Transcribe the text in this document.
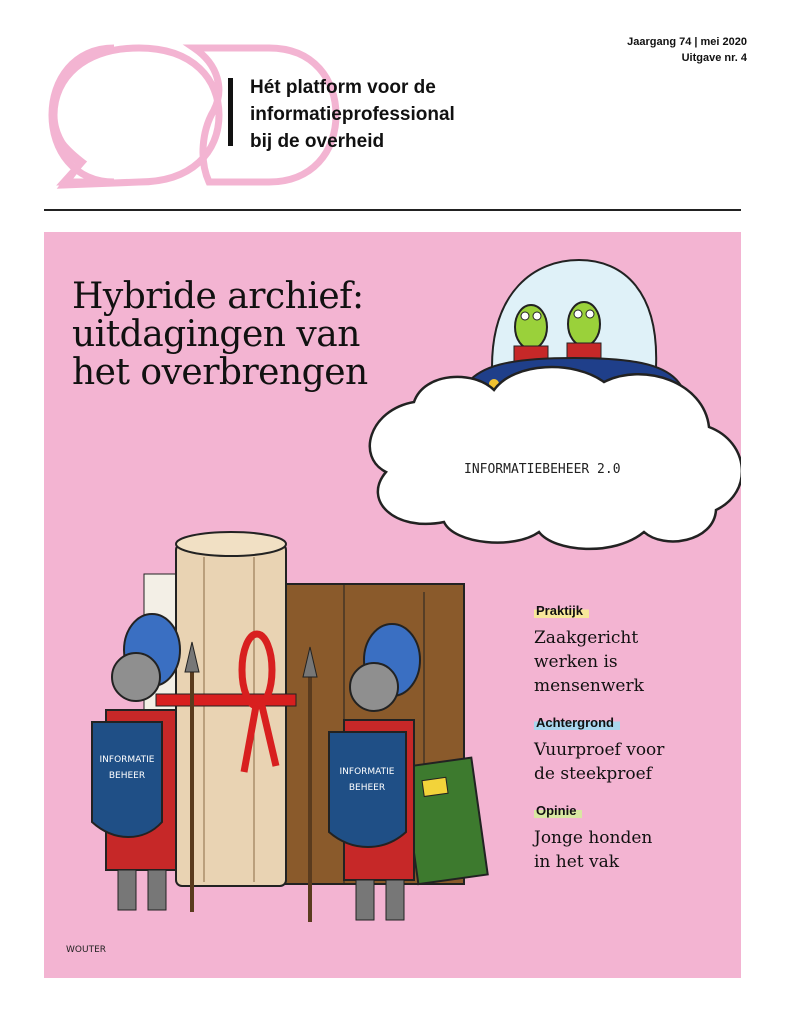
Hét platform voor de
informatieprofessional
bij de overheid
Jaargang 74 | mei 2020
Uitgave nr. 4
Hybride archief:
uitdagingen van
het overbrengen
INFORMATIEBEHEER 2.0
INFORMATIE
BEHEER	INFORMATIE
BEHEER
WOUTER
Praktijk
Zaakgericht
werken is
mensenwerk
Achtergrond
Vuurproef voor
de steekproef
Opinie
Jonge honden
in het vak
